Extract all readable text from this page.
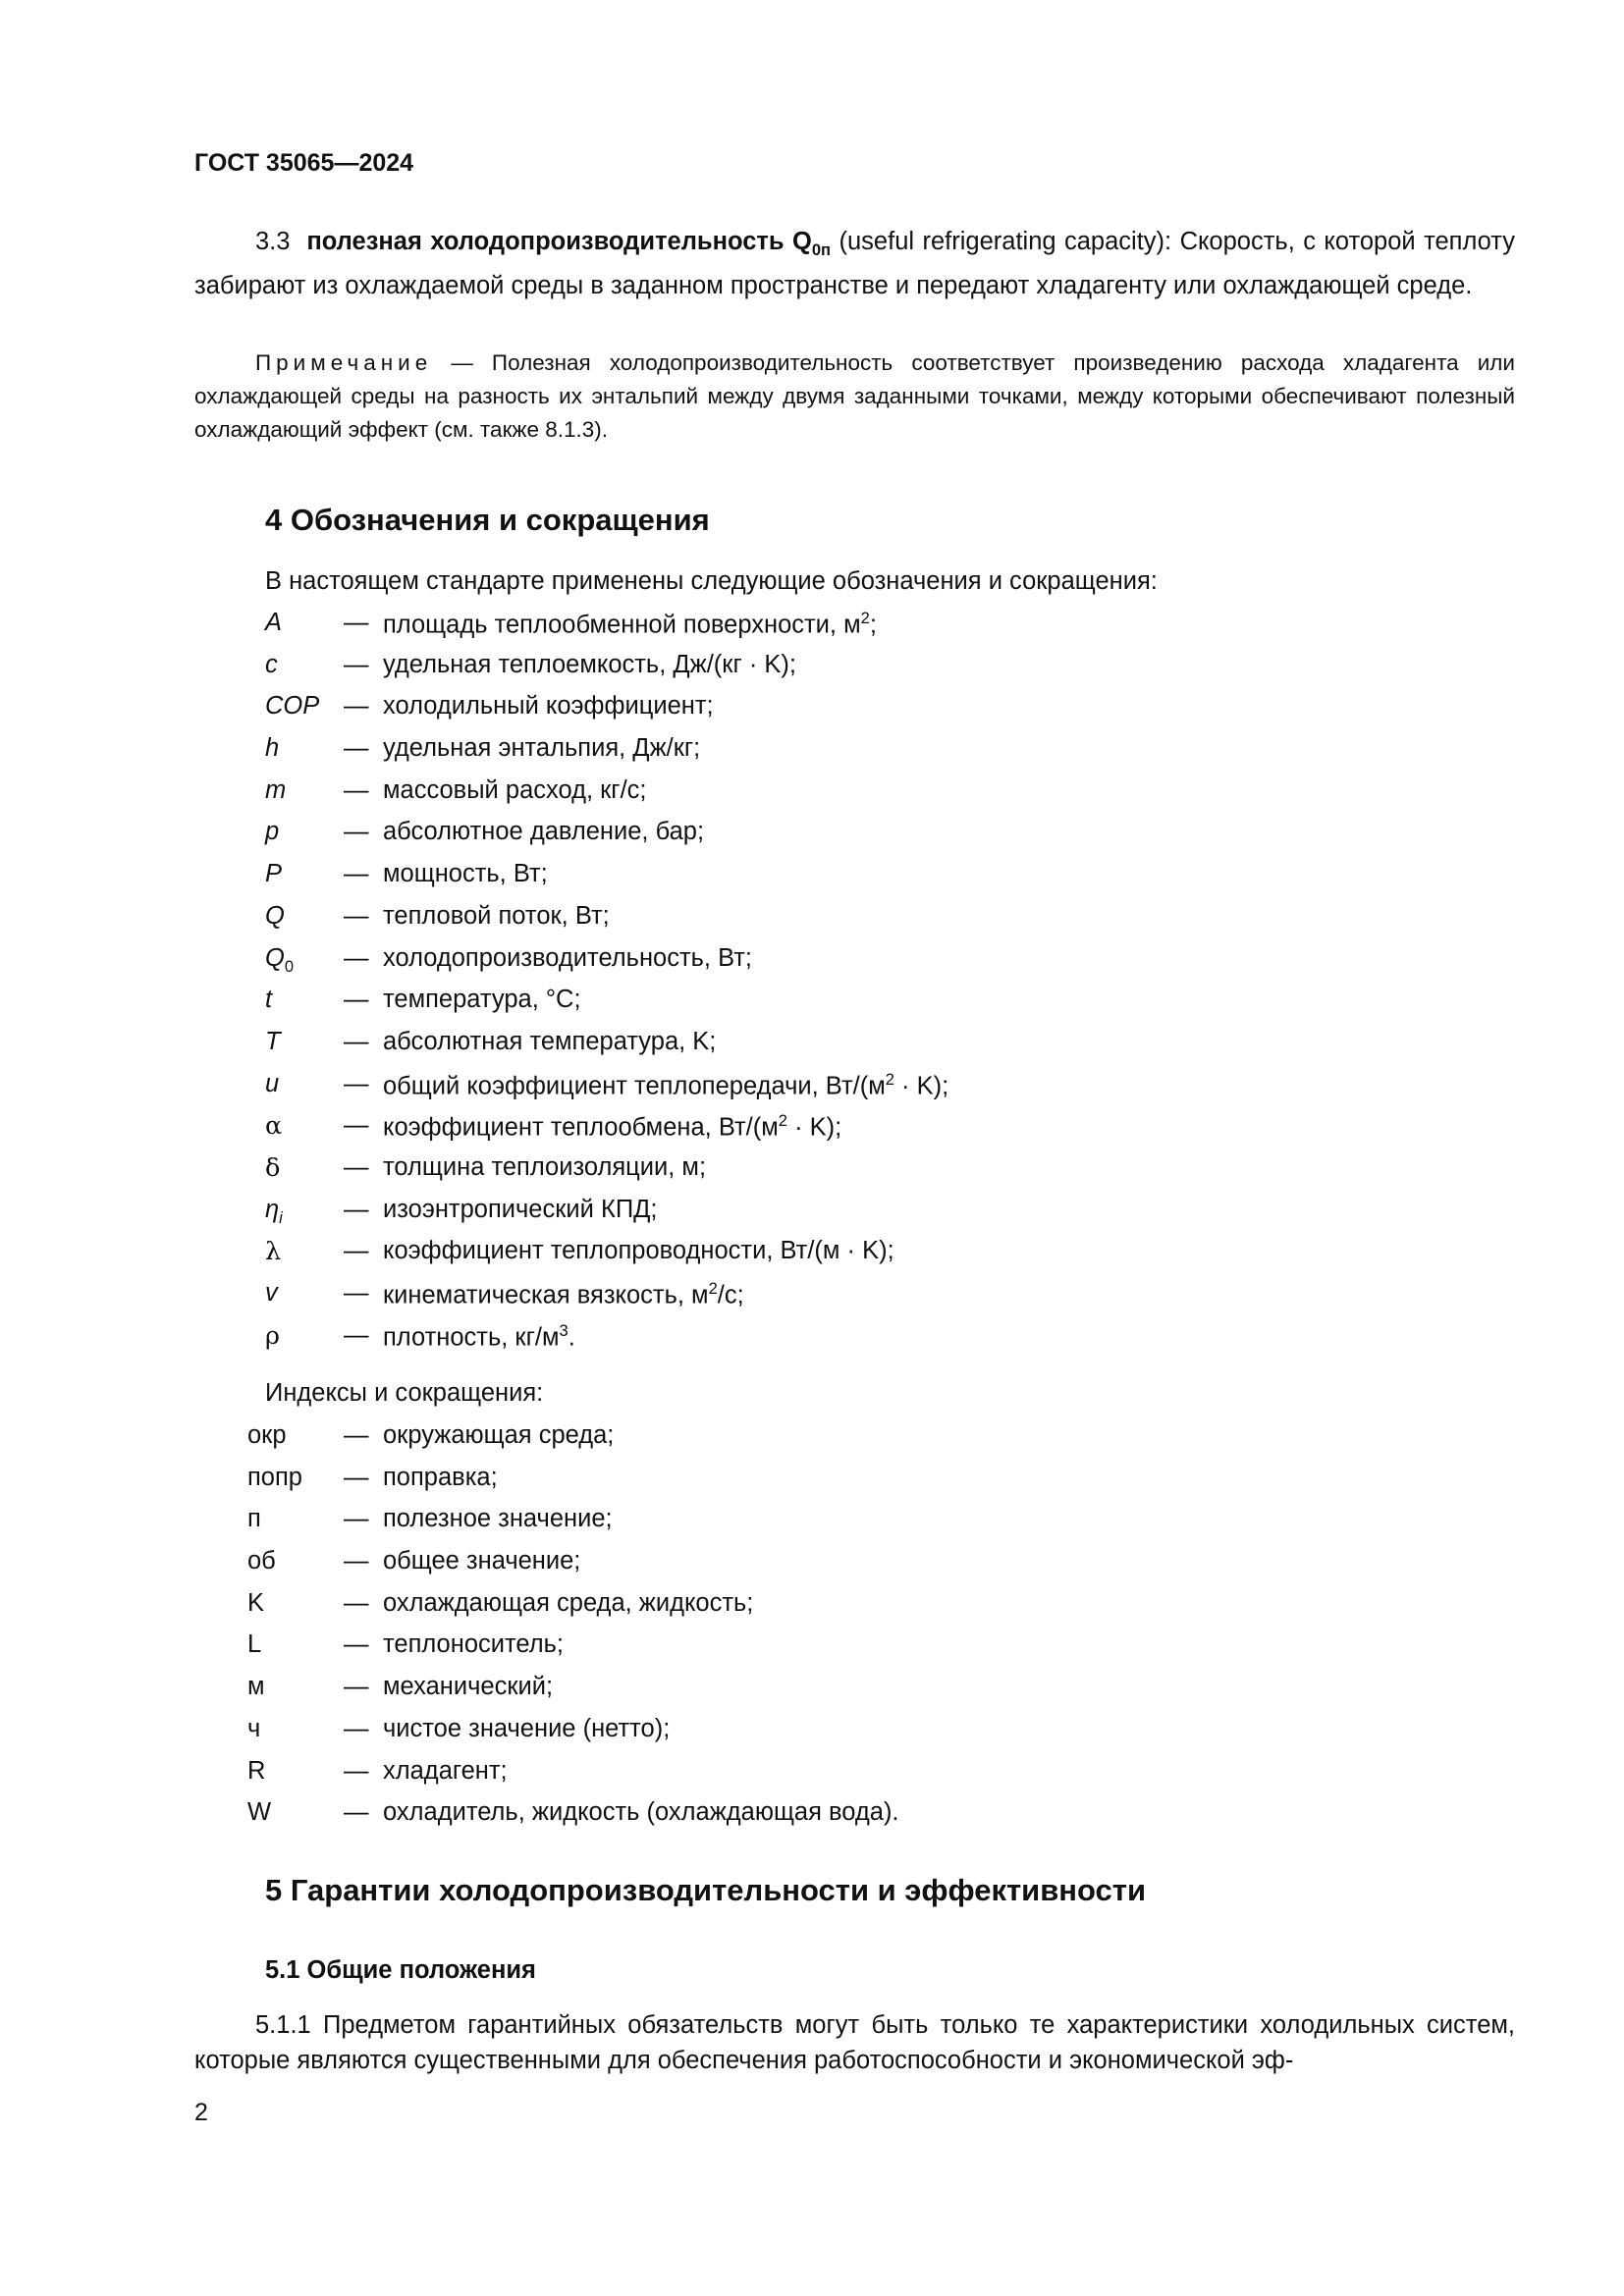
ГОСТ 35065—2024
3.3 полезная холодопроизводительность $Q_{0п}$ (useful refrigerating capacity): Скорость, с которой теплоту забирают из охлаждаемой среды в заданном пространстве и передают хладагенту или охлаждающей среде.
Примечание — Полезная холодопроизводительность соответствует произведению расхода хладагента или охлаждающей среды на разность их энтальпий между двумя заданными точками, между которыми обеспечивают полезный охлаждающий эффект (см. также 8.1.3).
4 Обозначения и сокращения
В настоящем стандарте применены следующие обозначения и сокращения:
A — площадь теплообменной поверхности, $м^2$;
c	— удельная теплоемкость, Дж/(кг · K);
COP — холодильный коэффициент;
h	— удельная энтальпия, Дж/кг;
m — массовый расход, кг/с;
p	— абсолютное давление, бар;
P — мощность, Вт;
Q — тепловой поток, Вт;
$Q_0$ — холодопроизводительность, Вт;
t	— температура, °C;
T	— абсолютная температура, K;
u	— общий коэффициент теплопередачи, $Вт/(м^2 \cdot K)$;
α — коэффициент теплообмена, $Вт/(м^2 \cdot K)$;
δ	— толщина теплоизоляции, м;
$\eta_i$ — изоэнтропический КПД;
λ	— коэффициент теплопроводности, Вт/(м · K);
v	— кинематическая вязкость, $м^2/с$;
ρ	— плотность, $кг/м^3$.
Индексы и сокращения:
окр — окружающая среда;
попр — поправка;
п	— полезное значение;
об	— общее значение;
K	— охлаждающая среда, жидкость;
L	— теплоноситель;
м	— механический;
ч	— чистое значение (нетто);
R	— хладагент;
W	— охладитель, жидкость (охлаждающая вода).
5 Гарантии холодопроизводительности и эффективности
5.1 Общие положения
5.1.1 Предметом гарантийных обязательств могут быть только те характеристики холодильных систем, которые являются существенными для обеспечения работоспособности и экономической эф-
2
